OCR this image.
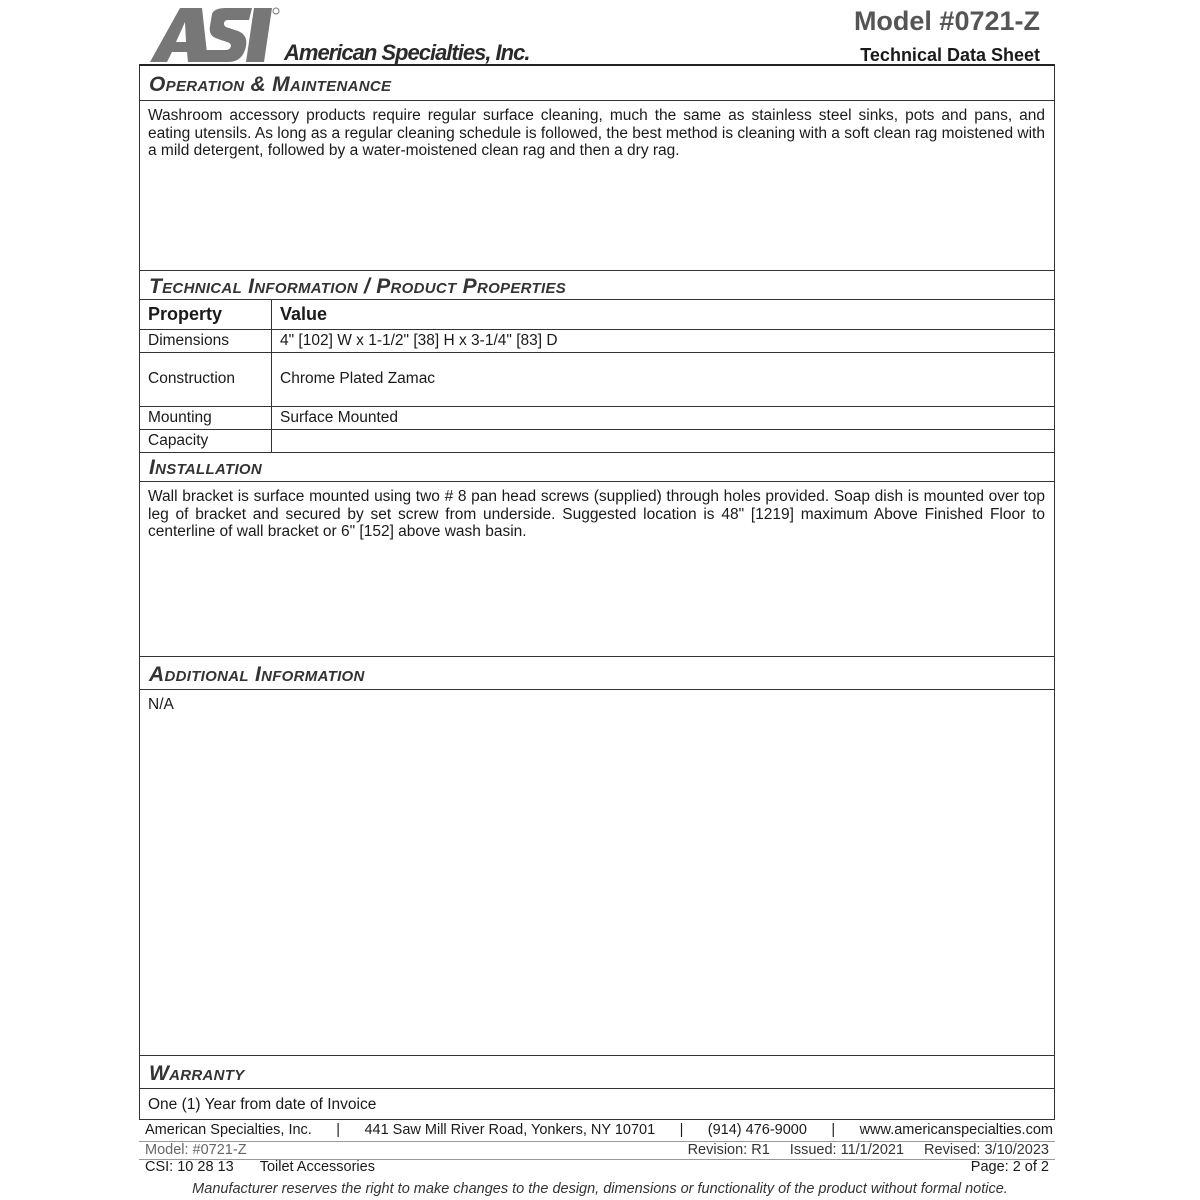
American Specialties, Inc.
Model #0721-Z
Technical Data Sheet
Operation & Maintenance
Washroom accessory products require regular surface cleaning, much the same as stainless steel sinks, pots and pans, and eating utensils. As long as a regular cleaning schedule is followed, the best method is cleaning with a soft clean rag moistened with a mild detergent, followed by a water-moistened clean rag and then a dry rag.
Technical Information / Product Properties
Property	Value
Dimensions	4" [102] W x 1-1/2" [38] H x 3-1/4" [83] D
Construction	Chrome Plated Zamac
Mounting	Surface Mounted
Capacity	
Installation
Wall bracket is surface mounted using two # 8 pan head screws (supplied) through holes provided. Soap dish is mounted over top leg of bracket and secured by set screw from underside. Suggested location is 48" [1219] maximum Above Finished Floor to centerline of wall bracket or 6" [152] above wash basin.
Additional Information
N/A
Warranty
One (1) Year from date of Invoice
American Specialties, Inc. | 441 Saw Mill River Road, Yonkers, NY 10701 | (914) 476-9000 | www.americanspecialties.com
Model: #0721-Z	Revision: R1 Issued: 11/1/2021 Revised: 3/10/2023
CSI: 10 28 13 Toilet Accessories	Page: 2 of 2
Manufacturer reserves the right to make changes to the design, dimensions or functionality of the product without formal notice.
